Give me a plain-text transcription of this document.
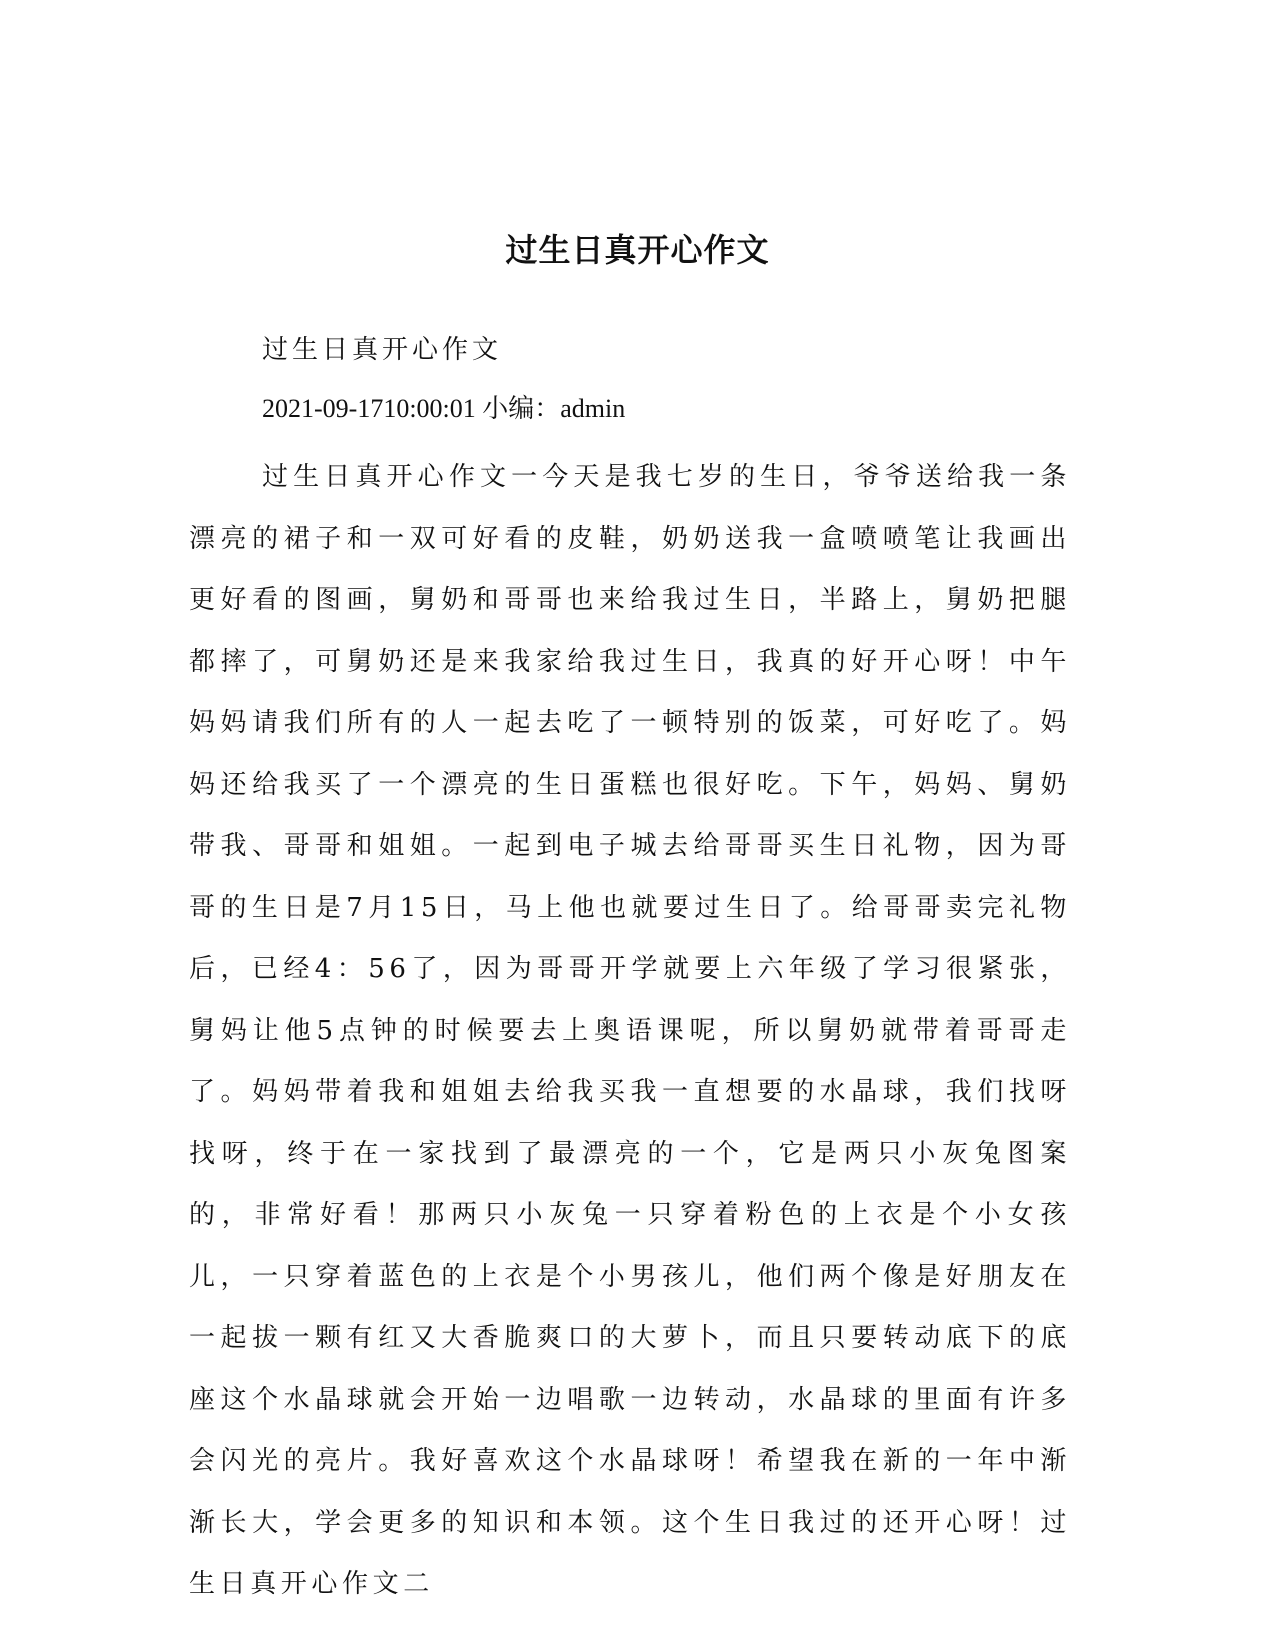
过生日真开心作文

过生日真开心作文

2021-09-1710:00:01 小编：admin

过生日真开心作文一今天是我七岁的生日，爷爷送给我一条漂亮的裙子和一双可好看的皮鞋，奶奶送我一盒喷喷笔让我画出更好看的图画，舅奶和哥哥也来给我过生日，半路上，舅奶把腿都摔了，可舅奶还是来我家给我过生日，我真的好开心呀！中午妈妈请我们所有的人一起去吃了一顿特别的饭菜，可好吃了。妈妈还给我买了一个漂亮的生日蛋糕也很好吃。下午，妈妈、舅奶带我、哥哥和姐姐。一起到电子城去给哥哥买生日礼物，因为哥哥的生日是7月15日，马上他也就要过生日了。给哥哥卖完礼物后，已经4：56了，因为哥哥开学就要上六年级了学习很紧张，舅妈让他5点钟的时候要去上奥语课呢，所以舅奶就带着哥哥走了。妈妈带着我和姐姐去给我买我一直想要的水晶球，我们找呀找呀，终于在一家找到了最漂亮的一个，它是两只小灰兔图案的，非常好看！那两只小灰兔一只穿着粉色的上衣是个小女孩儿，一只穿着蓝色的上衣是个小男孩儿，他们两个像是好朋友在一起拔一颗有红又大香脆爽口的大萝卜，而且只要转动底下的底座这个水晶球就会开始一边唱歌一边转动，水晶球的里面有许多会闪光的亮片。我好喜欢这个水晶球呀！希望我在新的一年中渐渐长大，学会更多的知识和本领。这个生日我过的还开心呀！过生日真开心作文二
